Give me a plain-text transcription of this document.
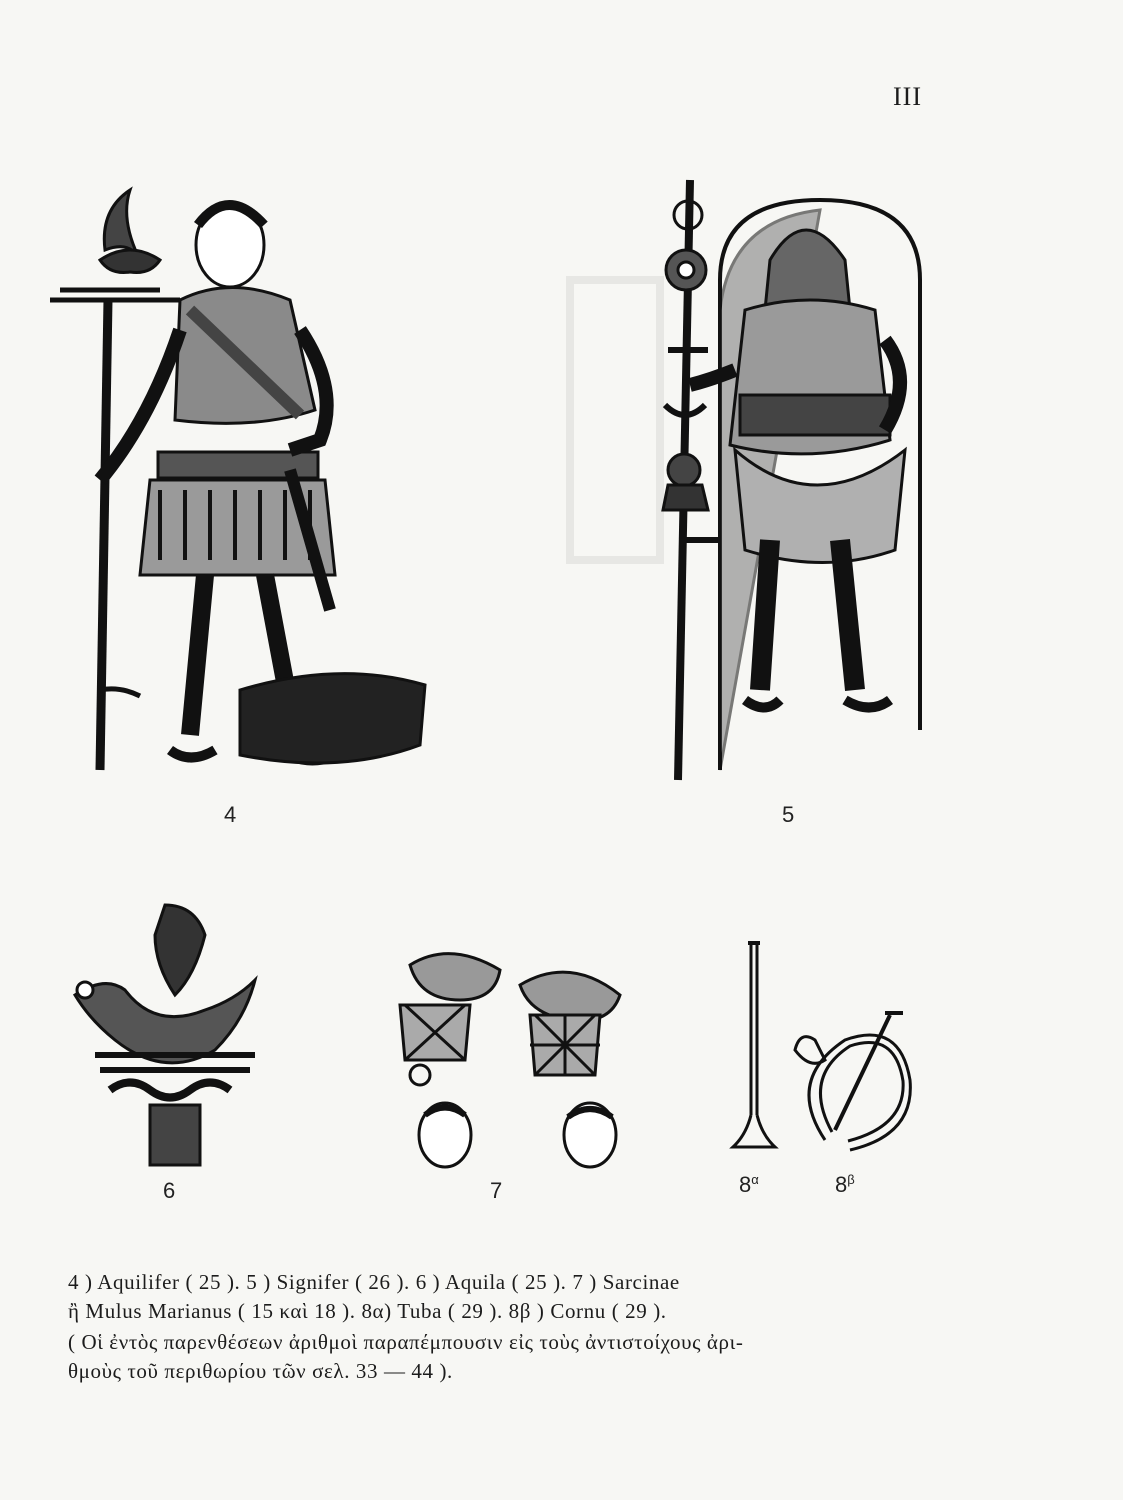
III
4	5
6	7	$8^\alpha$	$8^\beta$
4 ) Aquilifer ( 25 ). 5 ) Signifer ( 26 ). 6 ) Aquila ( 25 ). 7 ) Sarcinae
ἢ Mulus Marianus ( 15 καὶ 18 ). 8α) Tuba ( 29 ). 8β ) Cornu ( 29 ).
( Οἱ ἐντὸς παρενθέσεων ἀριθμοὶ παραπέμπουσιν εἰς τοὺς ἀντιστοίχους ἀρι-
θμοὺς τοῦ περιθωρίου τῶν σελ. 33 — 44 ).
